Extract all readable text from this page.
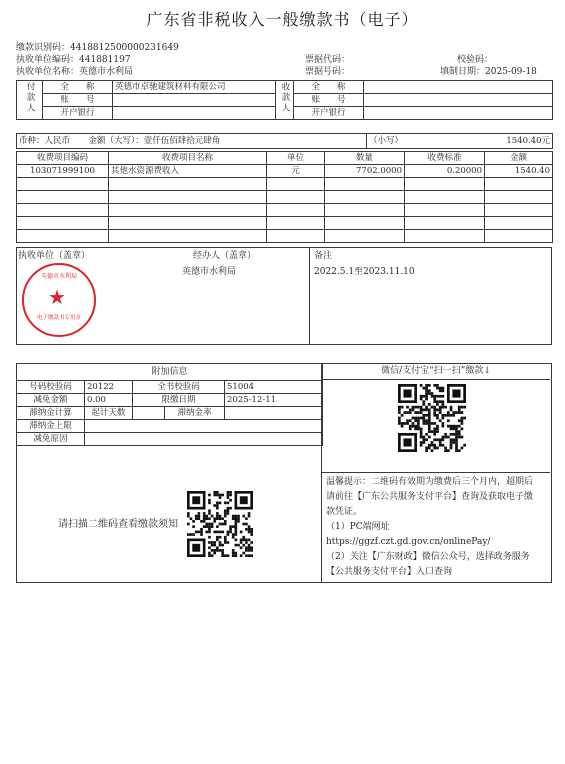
广东省非税收入一般缴款书（电子）
缴款识别码：4418812500000231649
执收单位编码：441881197
执收单位名称：英德市水利局
票据代码：
票据号码：
校验码：
填制日期：2025-09-18
付款人	全　　称	英德市卓驰建筑材料有限公司	收款人	全　　称	
	账　　号			账　　号	
	开户银行			开户银行	
币种：人民币	金额（大写）：壹仟伍佰肆拾元肆角	（小写）	1540.40元
收费项目编码	收费项目名称	单位	数量	收费标准	金额
103071999100	其他水资源费收入	元	7702.0000	0.20000	1540.40

执收单位（盖章）	经办人（盖章）
英德市水利局
备注
2022.5.1至2023.11.10
英德市水利局
★
电子缴款书专用章
附加信息				
号码校验码	20122	全书校验码		51004
减免金额	0.00	限缴日期		2025-12-11
滞纳金计算	起计天数		滞纳金率	
滞纳金上限				
减免原因				
请扫描二维码查看缴款须知
微信/支付宝“扫一扫”缴款↓
温馨提示：二维码有效期为缴费后三个月内，超期后
请前往【广东公共服务支付平台】查询及获取电子缴
款凭证。
（1）PC端网址
https://ggzf.czt.gd.gov.cn/onlinePay/
（2）关注【广东财政】微信公众号，选择政务服务
【公共服务支付平台】入口查询
